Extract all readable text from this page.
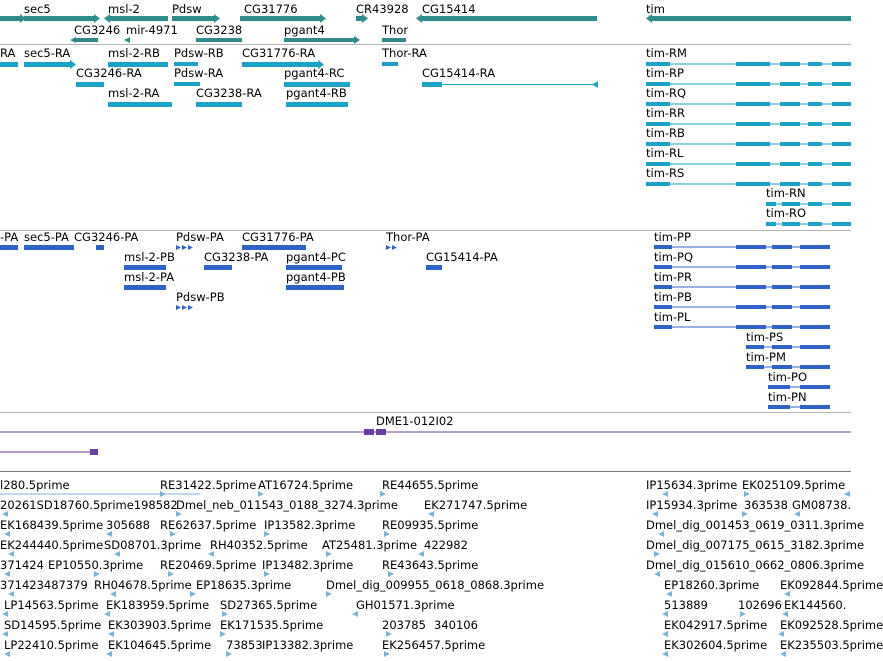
sec5	msl-2	Pdsw	CG31776	CR43928 CG15414	tim
CG3246 mir-4971 CG3238	pgant4	Thor
RA sec5-RA	msl-2-RB Pdsw-RB CG31776-RA	Thor-RA	tim-RM
CG3246-RA	Pdsw-RA	pgant4-RC	CG15414-RA	tim-RP
msl-2-RA	CG3238-RA pgant4-RB	tim-RQ
tim-RR
tim-RB
tim-RL
tim-RS
tim-RN
tim-RO
-PA sec5-PA CG3246-PA	Pdsw-PA CG31776-PA	Thor-PA	tim-PP
msl-2-PB	CG3238-PA pgant4-PC	CG15414-PA	tim-PQ
msl-2-PA	pgant4-PB	tim-PR
Pdsw-PB	tim-PB
tim-PL
tim-PS
tim-PM
tim-PO
tim-PN
DME1-012I02
l280.5prime	RE31422.5prime AT16724.5prime	RE44655.5prime	IP15634.3prime EK025109.5prime
20261SD18760.5prime198582
Dmel_neb_011543_0188_3274.3prime EK271747.5prime	IP15934.3prime 363538 GM08738.
EK168439.5prime 305688 RE62637.5prime IP13582.3prime RE09935.5prime	Dmel_dig_001453_0619_0311.3prime
EK244440.5prime SD08701.3prime RH40352.5prime AT25481.3prime 422982	Dmel_dig_007175_0615_3182.3prime
371424 EP10550.3prime RE20469.5prime IP13482.3prime RE43643.5prime	Dmel_dig_015610_0662_0806.3prime
371423487379 RH04678.5prime EP18635.3prime	Dmel_dig_009955_0618_0868.3prime	EP18260.3prime EK092844.5prime
LP14563.5prime EK183959.5prime SD27365.5prime	GH01571.3prime	513889	102696 EK144560.
SD14595.5prime EK303903.5prime EK171535.5prime	203785 340106	EK042917.5prime EK092528.5prime
LP22410.5prime EK104645.5prime 73853 IP13382.3prime EK256457.5prime	EK302604.5prime EK235503.5prime
